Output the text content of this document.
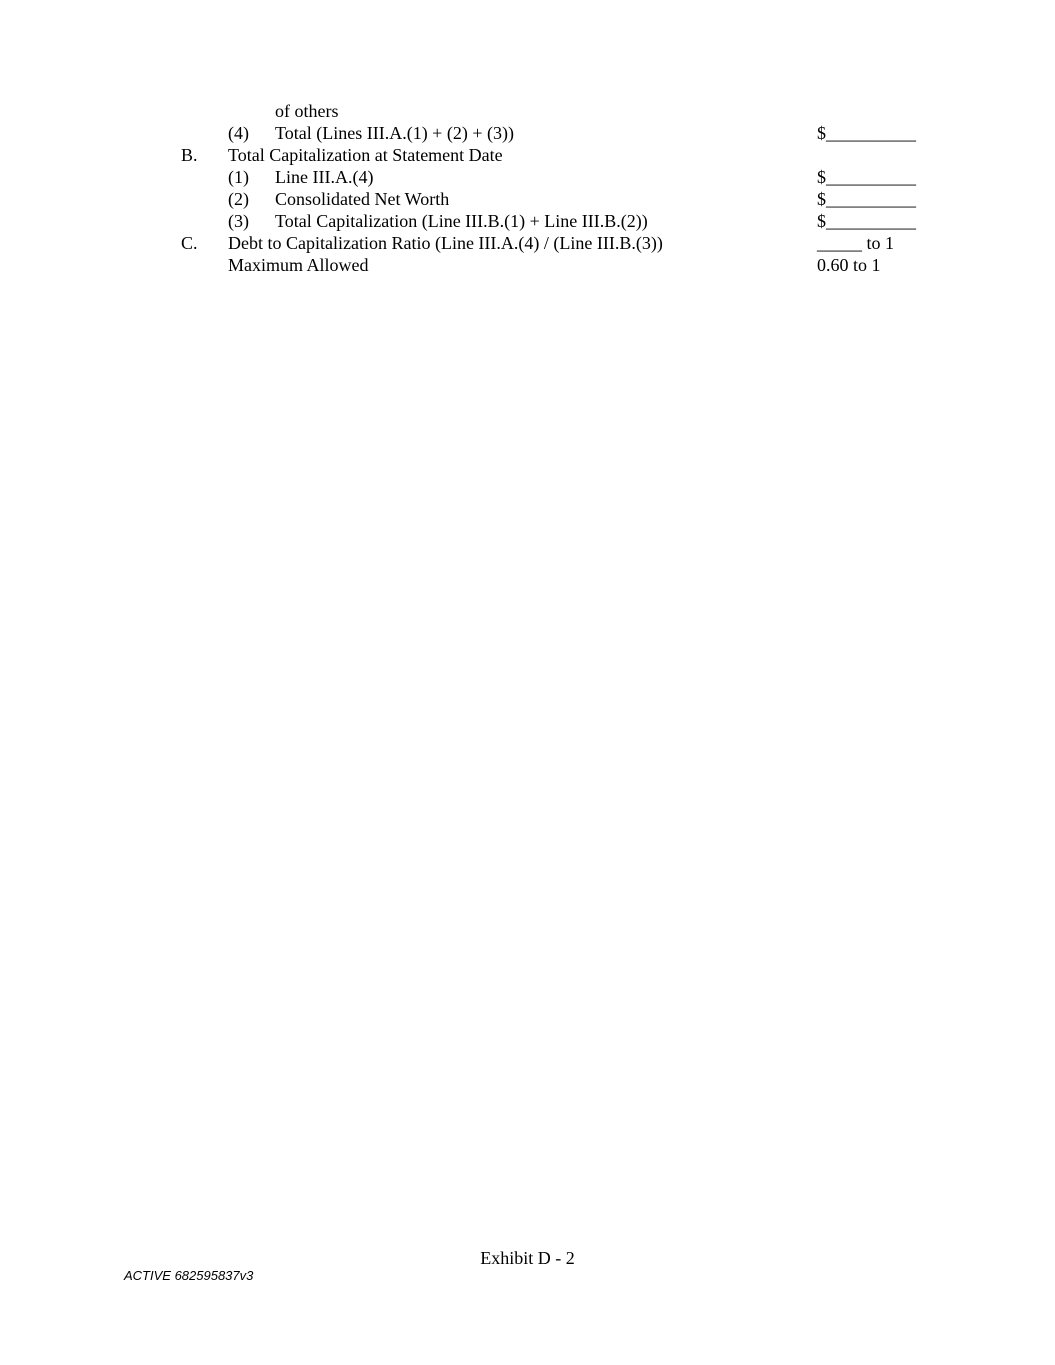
of others
(4) Total (Lines III.A.(1) + (2) + (3))	$__________
B. Total Capitalization at Statement Date
(1) Line III.A.(4)	$__________
(2) Consolidated Net Worth	$__________
(3) Total Capitalization (Line III.B.(1) + Line III.B.(2))	$__________
C. Debt to Capitalization Ratio (Line III.A.(4) / (Line III.B.(3))	_____ to 1
Maximum Allowed	0.60 to 1
Exhibit D - 2
ACTIVE 682595837v3
